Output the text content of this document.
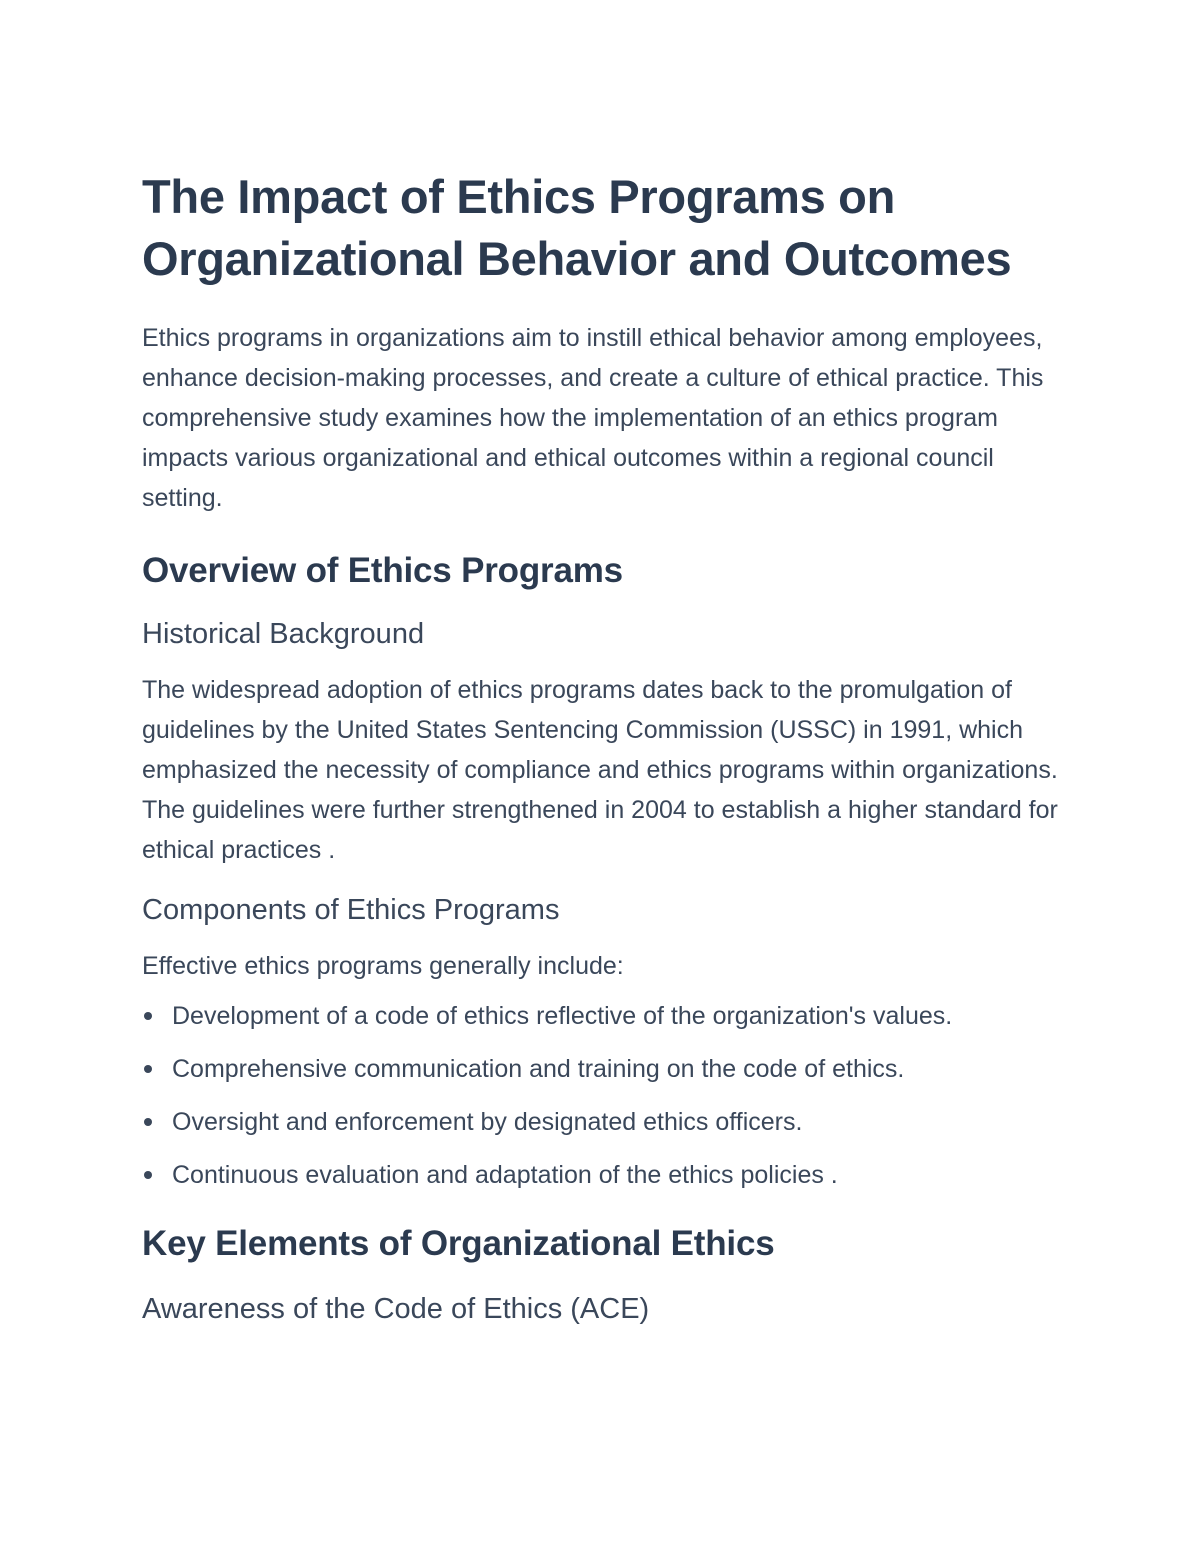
The Impact of Ethics Programs on Organizational Behavior and Outcomes

Ethics programs in organizations aim to instill ethical behavior among employees, enhance decision-making processes, and create a culture of ethical practice. This comprehensive study examines how the implementation of an ethics program impacts various organizational and ethical outcomes within a regional council setting.

Overview of Ethics Programs
Historical Background

The widespread adoption of ethics programs dates back to the promulgation of guidelines by the United States Sentencing Commission (USSC) in 1991, which emphasized the necessity of compliance and ethics programs within organizations. The guidelines were further strengthened in 2004 to establish a higher standard for ethical practices .

Components of Ethics Programs

Effective ethics programs generally include:

Development of a code of ethics reflective of the organization's values.
Comprehensive communication and training on the code of ethics.
Oversight and enforcement by designated ethics officers.
Continuous evaluation and adaptation of the ethics policies .
Key Elements of Organizational Ethics
Awareness of the Code of Ethics (ACE)
